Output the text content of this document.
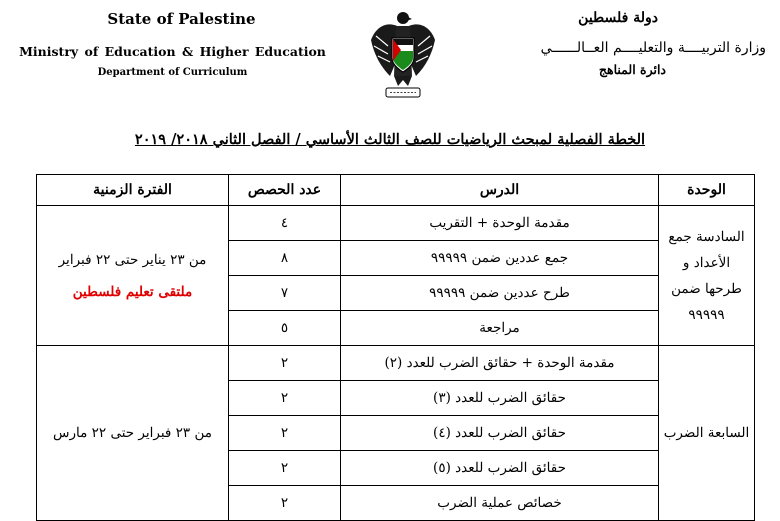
State of Palestine
Ministry of Education & Higher Education
Department of Curriculum
دولة فلسطين
وزارة التربيــــة والتعليــــم العــالــــــي
دائرة المناهج
الخطة الفصلية لمبحث الرياضيات للصف الثالث الأساسي / الفصل الثاني ٢٠١٨/ ٢٠١٩
الوحدة	الدرس	عدد الحصص	الفترة الزمنية
السادسة جمع الأعداد و طرحها ضمن ٩٩٩٩٩	مقدمة الوحدة + التقريب	٤	من ٢٣ يناير حتى ٢٢ فبراير
ملتقى تعليم فلسطين

	جمع عددين ضمن ٩٩٩٩٩	٨	
	طرح عددين ضمن ٩٩٩٩٩	٧	
	مراجعة	٥	
السابعة الضرب	مقدمة الوحدة + حقائق الضرب للعدد (٢)	٢	من ٢٣ فبراير حتى ٢٢ مارس
	حقائق الضرب للعدد (٣)	٢	
	حقائق الضرب للعدد (٤)	٢	
	حقائق الضرب للعدد (٥)	٢	
	خصائص عملية الضرب	٢	
